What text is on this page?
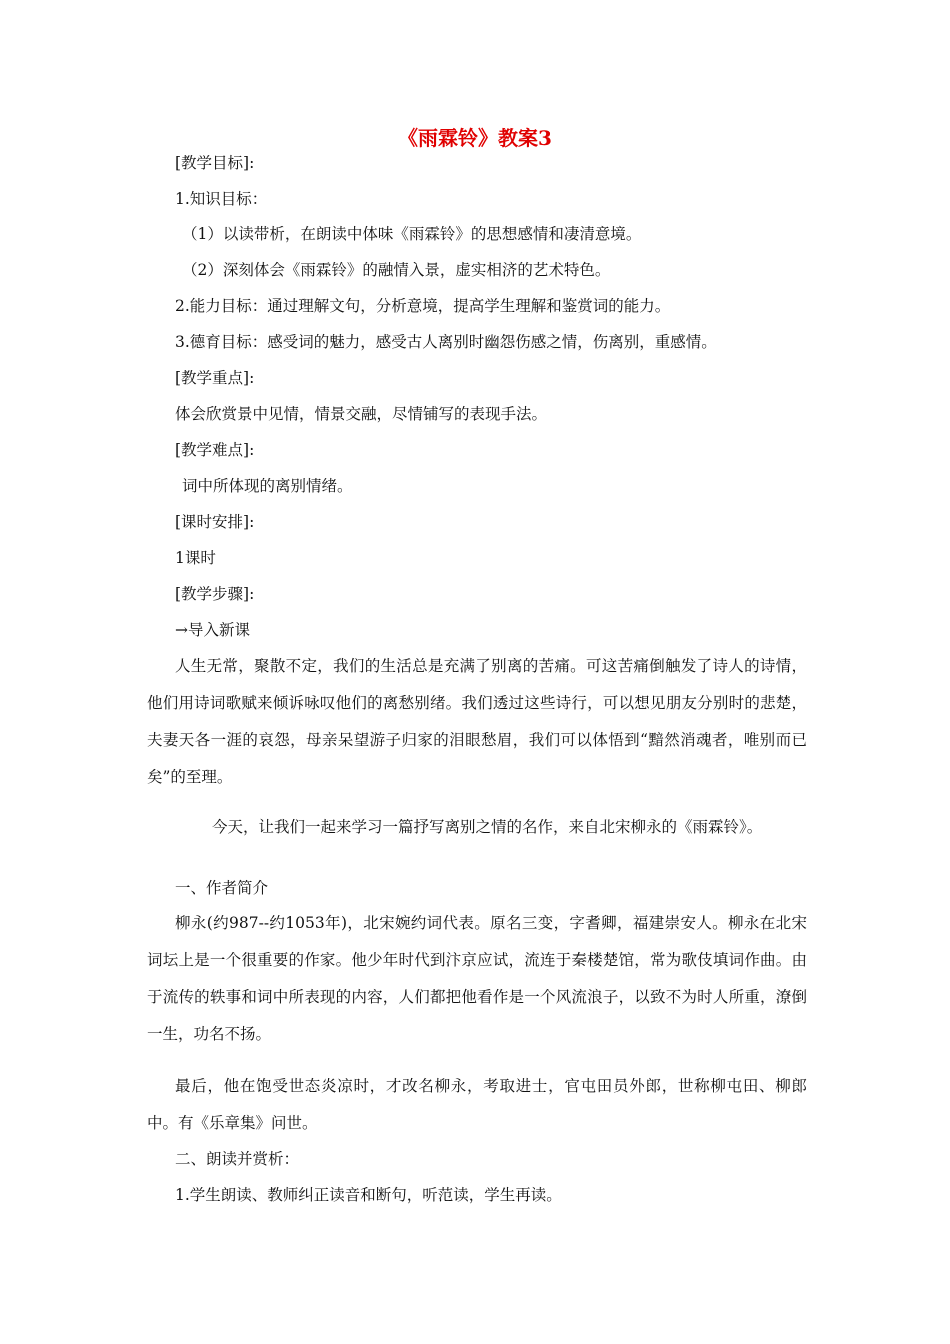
《雨霖铃》教案3
[教学目标]:
1.知识目标：
（1）以读带析，在朗读中体味《雨霖铃》的思想感情和凄清意境。
（2）深刻体会《雨霖铃》的融情入景，虚实相济的艺术特色。
2.能力目标：通过理解文句，分析意境，提高学生理解和鉴赏词的能力。
3.德育目标：感受词的魅力，感受古人离别时幽怨伤感之情，伤离别，重感情。
[教学重点]:
体会欣赏景中见情，情景交融，尽情铺写的表现手法。
[教学难点]:
词中所体现的离别情绪。
[课时安排]:
1课时
[教学步骤]:
→导入新课
人生无常，聚散不定，我们的生活总是充满了别离的苦痛。可这苦痛倒触发了诗人的诗情，他们用诗词歌赋来倾诉咏叹他们的离愁别绪。我们透过这些诗行，可以想见朋友分别时的悲楚，夫妻天各一涯的哀怨，母亲呆望游子归家的泪眼愁眉，我们可以体悟到“黯然消魂者，唯别而已矣”的至理。
今天，让我们一起来学习一篇抒写离别之情的名作，来自北宋柳永的《雨霖铃》。
一、作者简介
柳永(约987--约1053年)，北宋婉约词代表。原名三变，字耆卿，福建崇安人。柳永在北宋词坛上是一个很重要的作家。他少年时代到汴京应试，流连于秦楼楚馆，常为歌伎填词作曲。由于流传的轶事和词中所表现的内容，人们都把他看作是一个风流浪子，以致不为时人所重，潦倒一生，功名不扬。
最后，他在饱受世态炎凉时，才改名柳永，考取进士，官屯田员外郎，世称柳屯田、柳郎中。有《乐章集》问世。
二、朗读并赏析：
1.学生朗读、教师纠正读音和断句，听范读，学生再读。
